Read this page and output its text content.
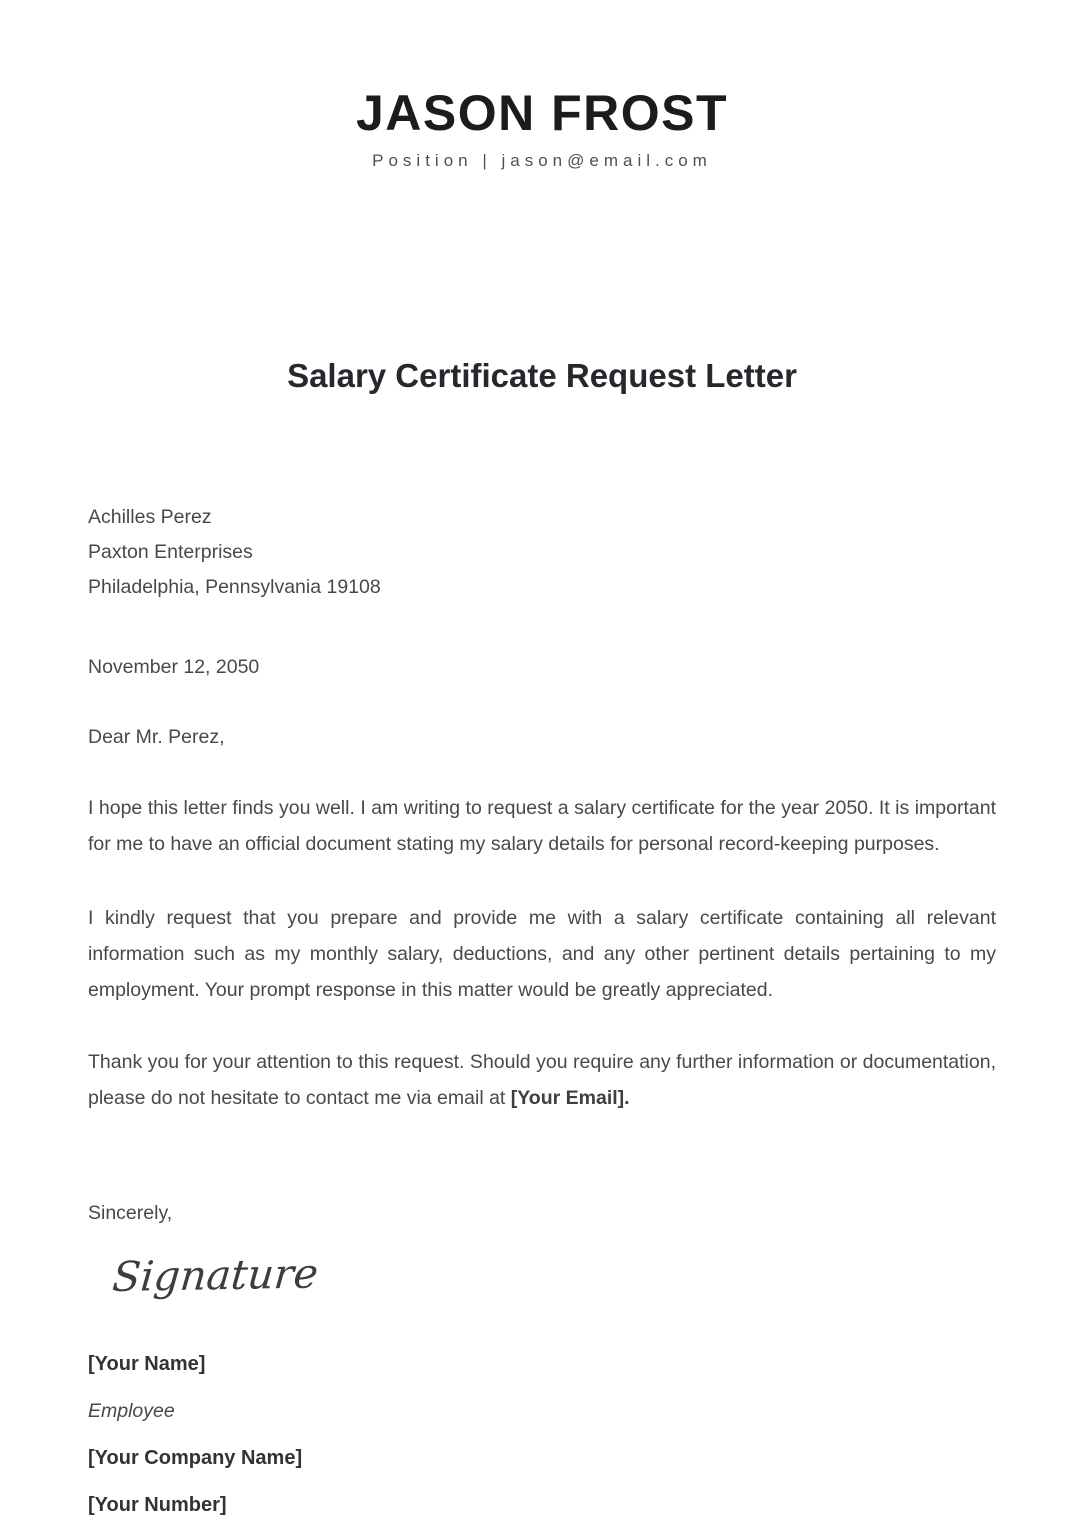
JASON FROST
Position | jason@email.com
Salary Certificate Request Letter
Achilles Perez
Paxton Enterprises
Philadelphia, Pennsylvania 19108
November 12, 2050
Dear Mr. Perez,

I hope this letter finds you well. I am writing to request a salary certificate for the year 2050. It is important for me to have an official document stating my salary details for personal record-keeping purposes.

I kindly request that you prepare and provide me with a salary certificate containing all relevant information such as my monthly salary, deductions, and any other pertinent details pertaining to my employment. Your prompt response in this matter would be greatly appreciated.

Thank you for your attention to this request. Should you require any further information or documentation, please do not hesitate to contact me via email at [Your Email].

Sincerely,
Signature
[Your Name]
Employee
[Your Company Name]
[Your Number]
